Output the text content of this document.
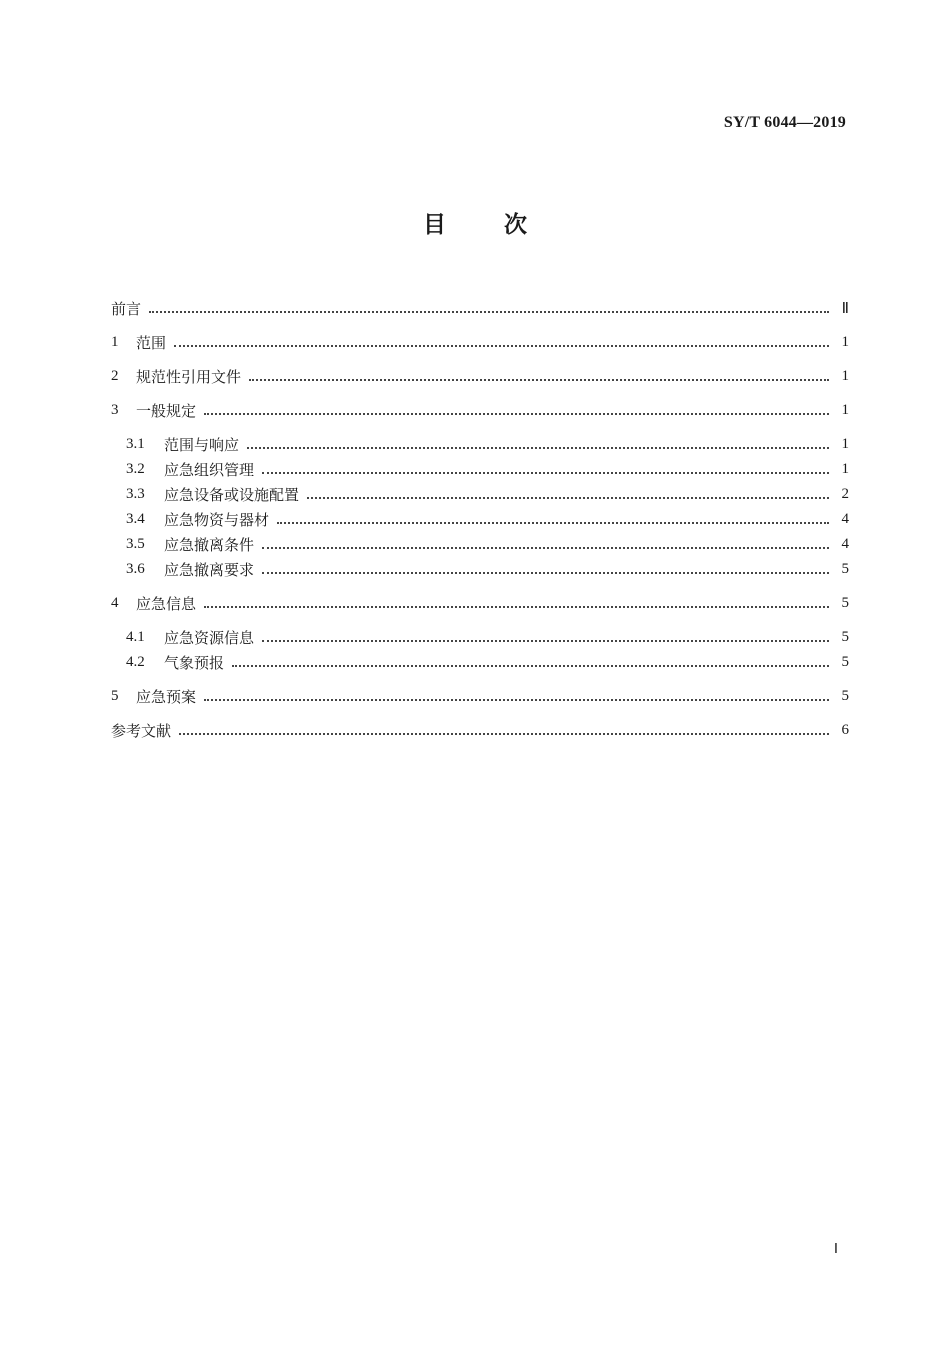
SY/T 6044—2019
目次
前言	Ⅱ
1	范围	1
2	规范性引用文件	1
3	一般规定	1
3.1	范围与响应	1
3.2	应急组织管理	1
3.3	应急设备或设施配置	2
3.4	应急物资与器材	4
3.5	应急撤离条件	4
3.6	应急撤离要求	5
4	应急信息	5
4.1	应急资源信息	5
4.2	气象预报	5
5	应急预案	5
参考文献	6
Ⅰ
